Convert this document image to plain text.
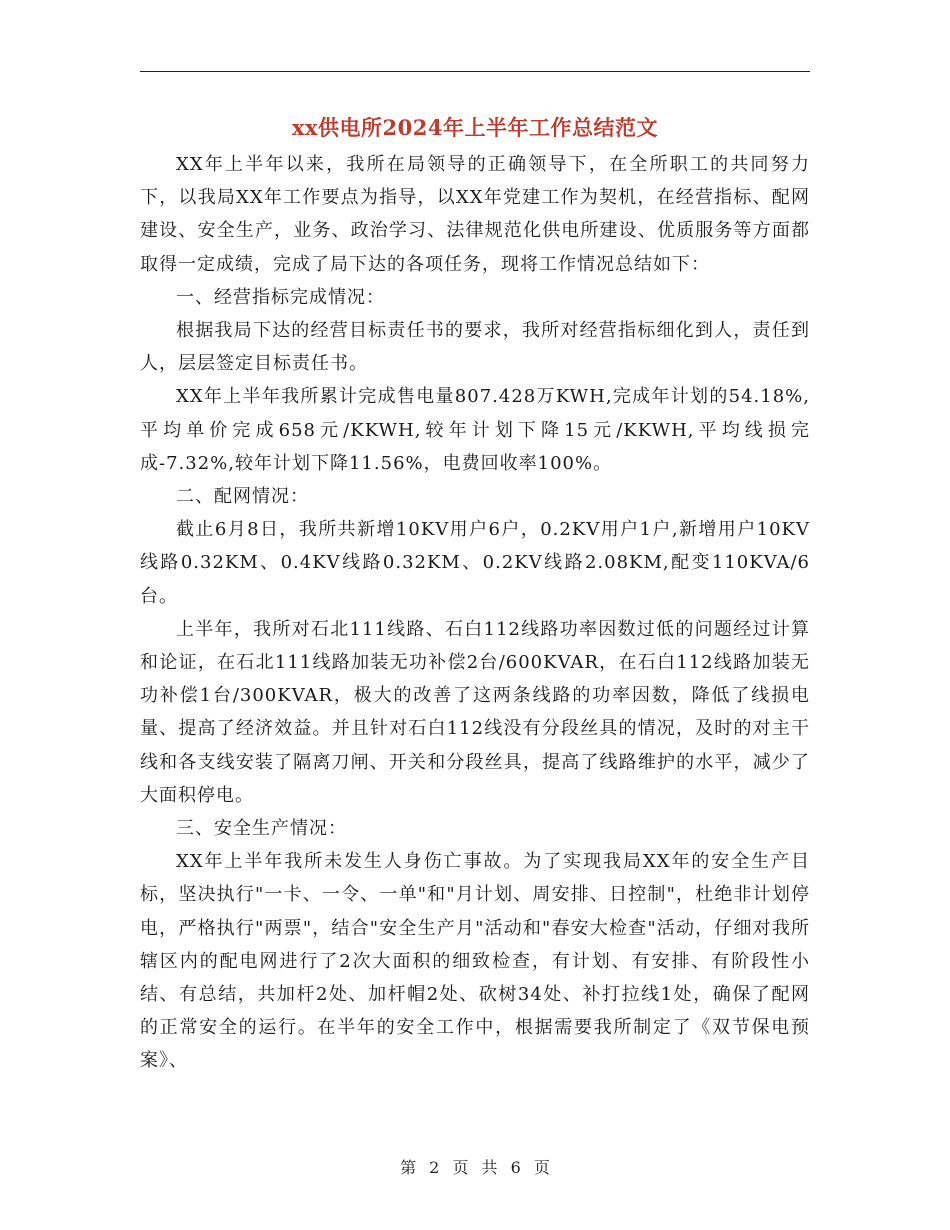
xx供电所2024年上半年工作总结范文

XX年上半年以来，我所在局领导的正确领导下，在全所职工的共同努力下，以我局XX年工作要点为指导，以XX年党建工作为契机，在经营指标、配网建设、安全生产，业务、政治学习、法律规范化供电所建设、优质服务等方面都取得一定成绩，完成了局下达的各项任务，现将工作情况总结如下：

一、经营指标完成情况：

根据我局下达的经营目标责任书的要求，我所对经营指标细化到人，责任到人，层层签定目标责任书。

XX年上半年我所累计完成售电量807.428万KWH,完成年计划的54.18%,平均单价完成658元/KKWH,较年计划下降15元/KKWH,平均线损完成-7.32%,较年计划下降11.56%，电费回收率100%。

二、配网情况：

截止6月8日，我所共新增10KV用户6户，0.2KV用户1户,新增用户10KV线路0.32KM、0.4KV线路0.32KM、0.2KV线路2.08KM,配变110KVA/6台。

上半年，我所对石北111线路、石白112线路功率因数过低的问题经过计算和论证，在石北111线路加装无功补偿2台/600KVAR，在石白112线路加装无功补偿1台/300KVAR，极大的改善了这两条线路的功率因数，降低了线损电量、提高了经济效益。并且针对石白112线没有分段丝具的情况，及时的对主干线和各支线安装了隔离刀闸、开关和分段丝具，提高了线路维护的水平，减少了大面积停电。

三、安全生产情况：

XX年上半年我所未发生人身伤亡事故。为了实现我局XX年的安全生产目标，坚决执行"一卡、一令、一单"和"月计划、周安排、日控制"，杜绝非计划停电，严格执行"两票"，结合"安全生产月"活动和"春安大检查"活动，仔细对我所辖区内的配电网进行了2次大面积的细致检查，有计划、有安排、有阶段性小结、有总结，共加杆2处、加杆帽2处、砍树34处、补打拉线1处，确保了配网的正常安全的运行。在半年的安全工作中，根据需要我所制定了《双节保电预案》、

第 2 页 共 6 页
